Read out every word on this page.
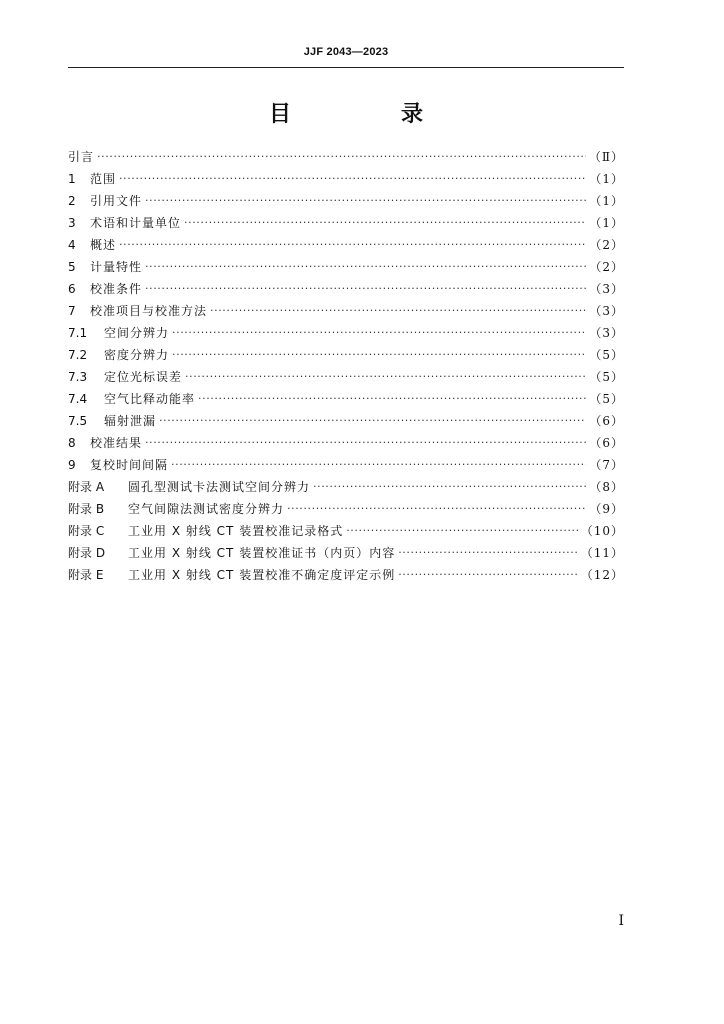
JJF 2043—2023
目　录
引言 ·····	（Ⅱ）
1	范围 ·····	（1）
2	引用文件 ·····	（1）
3	术语和计量单位 ·····	（1）
4	概述 ·····	（2）
5	计量特性 ·····	（2）
6	校准条件 ·····	（3）
7	校准项目与校准方法 ·····	（3）
7.1	空间分辨力 ·····	（3）
7.2	密度分辨力 ·····	（5）
7.3	定位光标误差 ·····	（5）
7.4	空气比释动能率 ·····	（5）
7.5	辐射泄漏 ·····	（6）
8	校准结果 ·····	（6）
9	复校时间间隔 ·····	（7）
附录 A	圆孔型测试卡法测试空间分辨力 ·····	（8）
附录 B	空气间隙法测试密度分辨力 ·····	（9）
附录 C	工业用 X 射线 CT 装置校准记录格式 ·····	（10）
附录 D	工业用 X 射线 CT 装置校准证书（内页）内容 ·····	（11）
附录 E	工业用 X 射线 CT 装置校准不确定度评定示例 ·····	（12）
I
